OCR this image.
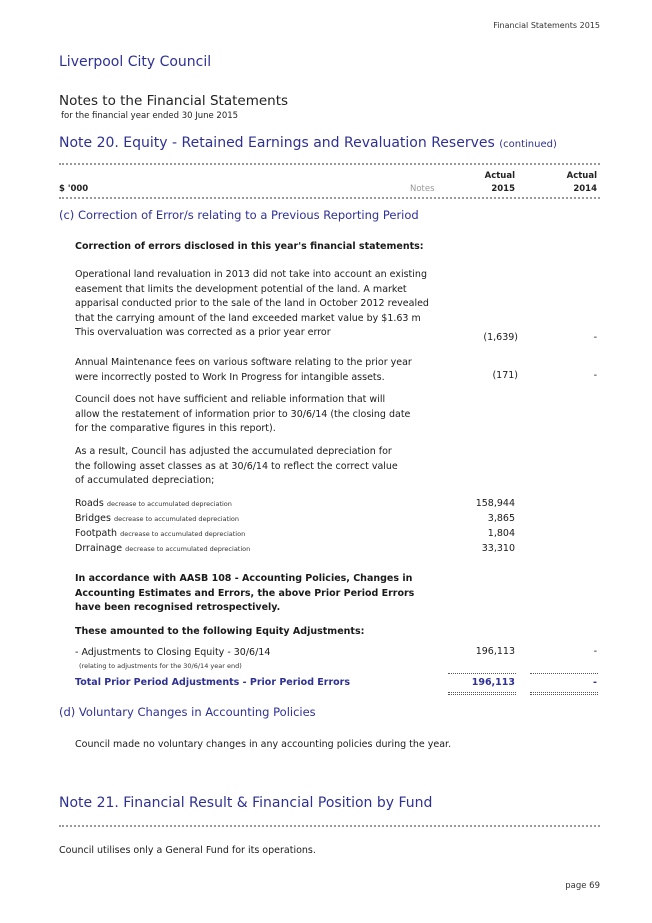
Financial Statements 2015
Liverpool City Council
Notes to the Financial Statements
for the financial year ended 30 June 2015
Note 20. Equity - Retained Earnings and Revaluation Reserves (continued)
Actual	Actual
$ '000	Notes	2015	2014
(c) Correction of Error/s relating to a Previous Reporting Period
Correction of errors disclosed in this year's financial statements:
Operational land revaluation in 2013 did not take into account an existing
easement that limits the development potential of the land. A market
apparisal conducted prior to the sale of the land in October 2012 revealed
that the carrying amount of the land exceeded market value by $1.63 m
This overvaluation was corrected as a prior year error	(1,639)	-
Annual Maintenance fees on various software relating to the prior year
were incorrectly posted to Work In Progress for intangible assets.	(171)	-
Council does not have sufficient and reliable information that will
allow the restatement of information prior to 30/6/14 (the closing date
for the comparative figures in this report).
As a result, Council has adjusted the accumulated depreciation for
the following asset classes as at 30/6/14 to reflect the correct value
of accumulated depreciation;
Roads decrease to accumulated depreciation	158,944
Bridges decrease to accumulated depreciation	3,865
Footpath decrease to accumulated depreciation	1,804
Drrainage decrease to accumulated depreciation	33,310
In accordance with AASB 108 - Accounting Policies, Changes in
Accounting Estimates and Errors, the above Prior Period Errors
have been recognised retrospectively.
These amounted to the following Equity Adjustments:
- Adjustments to Closing Equity - 30/6/14
(relating to adjustments for the 30/6/14 year end)
196,113	-
Total Prior Period Adjustments - Prior Period Errors	196,113	-
(d) Voluntary Changes in Accounting Policies
Council made no voluntary changes in any accounting policies during the year.
Note 21. Financial Result & Financial Position by Fund
Council utilises only a General Fund for its operations.
page 69
